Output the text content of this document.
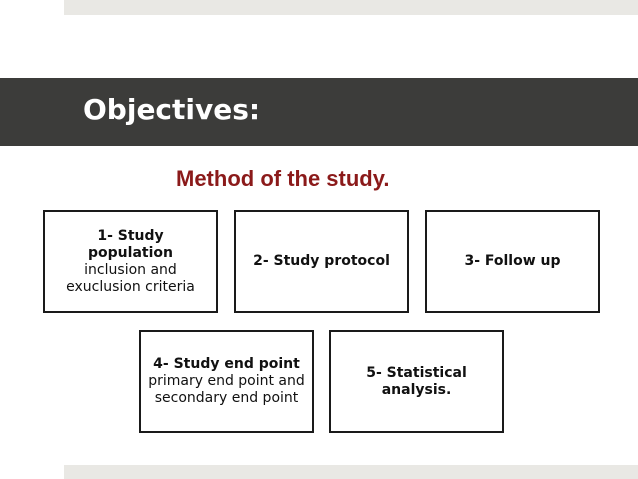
Objectives:
Method of the study.
1- Study population
inclusion and exuclusion criteria
2- Study protocol	3- Follow up
4- Study end point
primary end point and secondary end point
5- Statistical analysis.
